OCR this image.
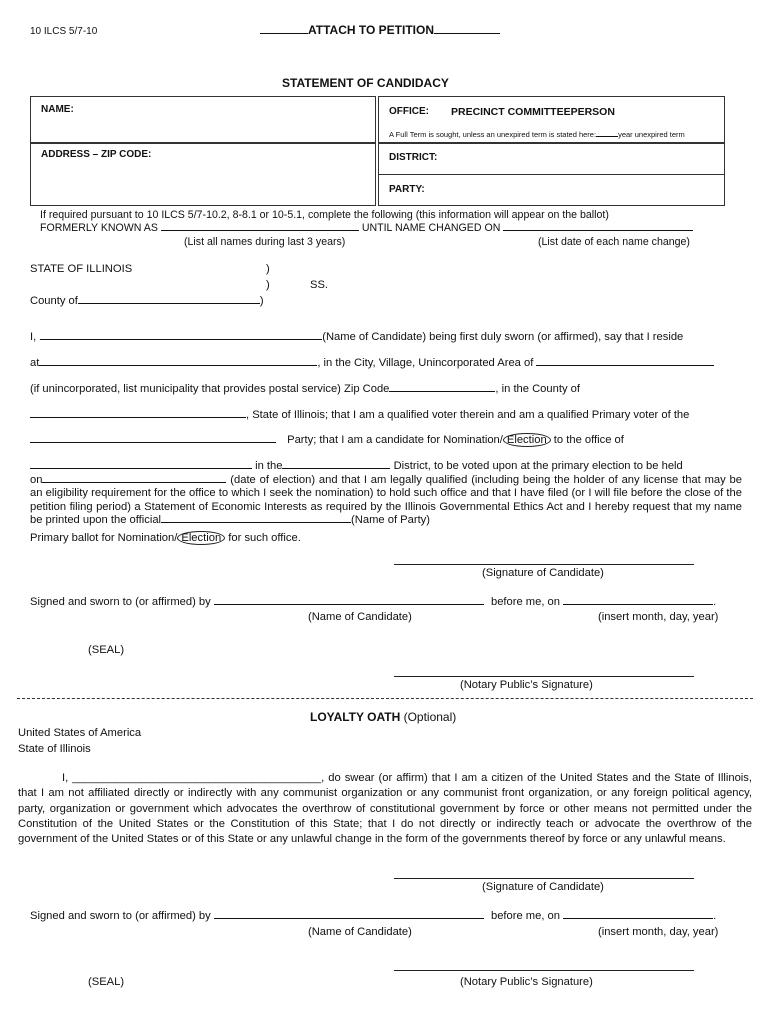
10 ILCS 5/7-10	ATTACH TO PETITION
STATEMENT OF CANDIDACY
NAME:
ADDRESS – ZIP CODE:
OFFICE: PRECINCT COMMITTEEPERSON
A Full Term is sought, unless an unexpired term is stated here:	year unexpired term
DISTRICT:
PARTY:
If required pursuant to 10 ILCS 5/7-10.2, 8-8.1 or 10-5.1, complete the following (this information will appear on the ballot)
FORMERLY KNOWN AS	UNTIL NAME CHANGED ON
(List all names during last 3 years)	(List date of each name change)
STATE OF ILLINOIS	)
)	SS.
County of	)
I,	(Name of Candidate) being first duly sworn (or affirmed), say that I reside
at	, in the City, Village, Unincorporated Area of
(if unincorporated, list municipality that provides postal service) Zip Code	, in the County of
, State of Illinois; that I am a qualified voter therein and am a qualified Primary voter of the
Party; that I am a candidate for Nomination/ Election to the office of
in the	District, to be voted upon at the primary election to be held
on	(date of election) and that I am legally qualified (including being the holder of any license that may be an eligibility requirement for the office to which I seek the nomination) to hold such office and that I have filed (or I will file before the close of the petition filing period) a Statement of Economic Interests as required by the Illinois Governmental Ethics Act and I hereby request that my name be printed upon the official	(Name of Party)
Primary ballot for Nomination/ Election for such office.
(Signature of Candidate)
Signed and sworn to (or affirmed) by	before me, on	.
(Name of Candidate)	(insert month, day, year)
(SEAL)
(Notary Public’s Signature)
LOYALTY OATH (Optional)
United States of America
State of Illinois
I, ________________________________________, do swear (or affirm) that I am a citizen of the United States and the State of Illinois, that I am not affiliated directly or indirectly with any communist organization or any communist front organization, or any foreign political agency, party, organization or government which advocates the overthrow of constitutional government by force or other means not permitted under the Constitution of the United States or the Constitution of this State; that I do not directly or indirectly teach or advocate the overthrow of the government of the United States or of this State or any unlawful change in the form of the governments thereof by force or any unlawful means.
(Signature of Candidate)
Signed and sworn to (or affirmed) by	before me, on	.
(Name of Candidate)	(insert month, day, year)
(SEAL)	(Notary Public’s Signature)
